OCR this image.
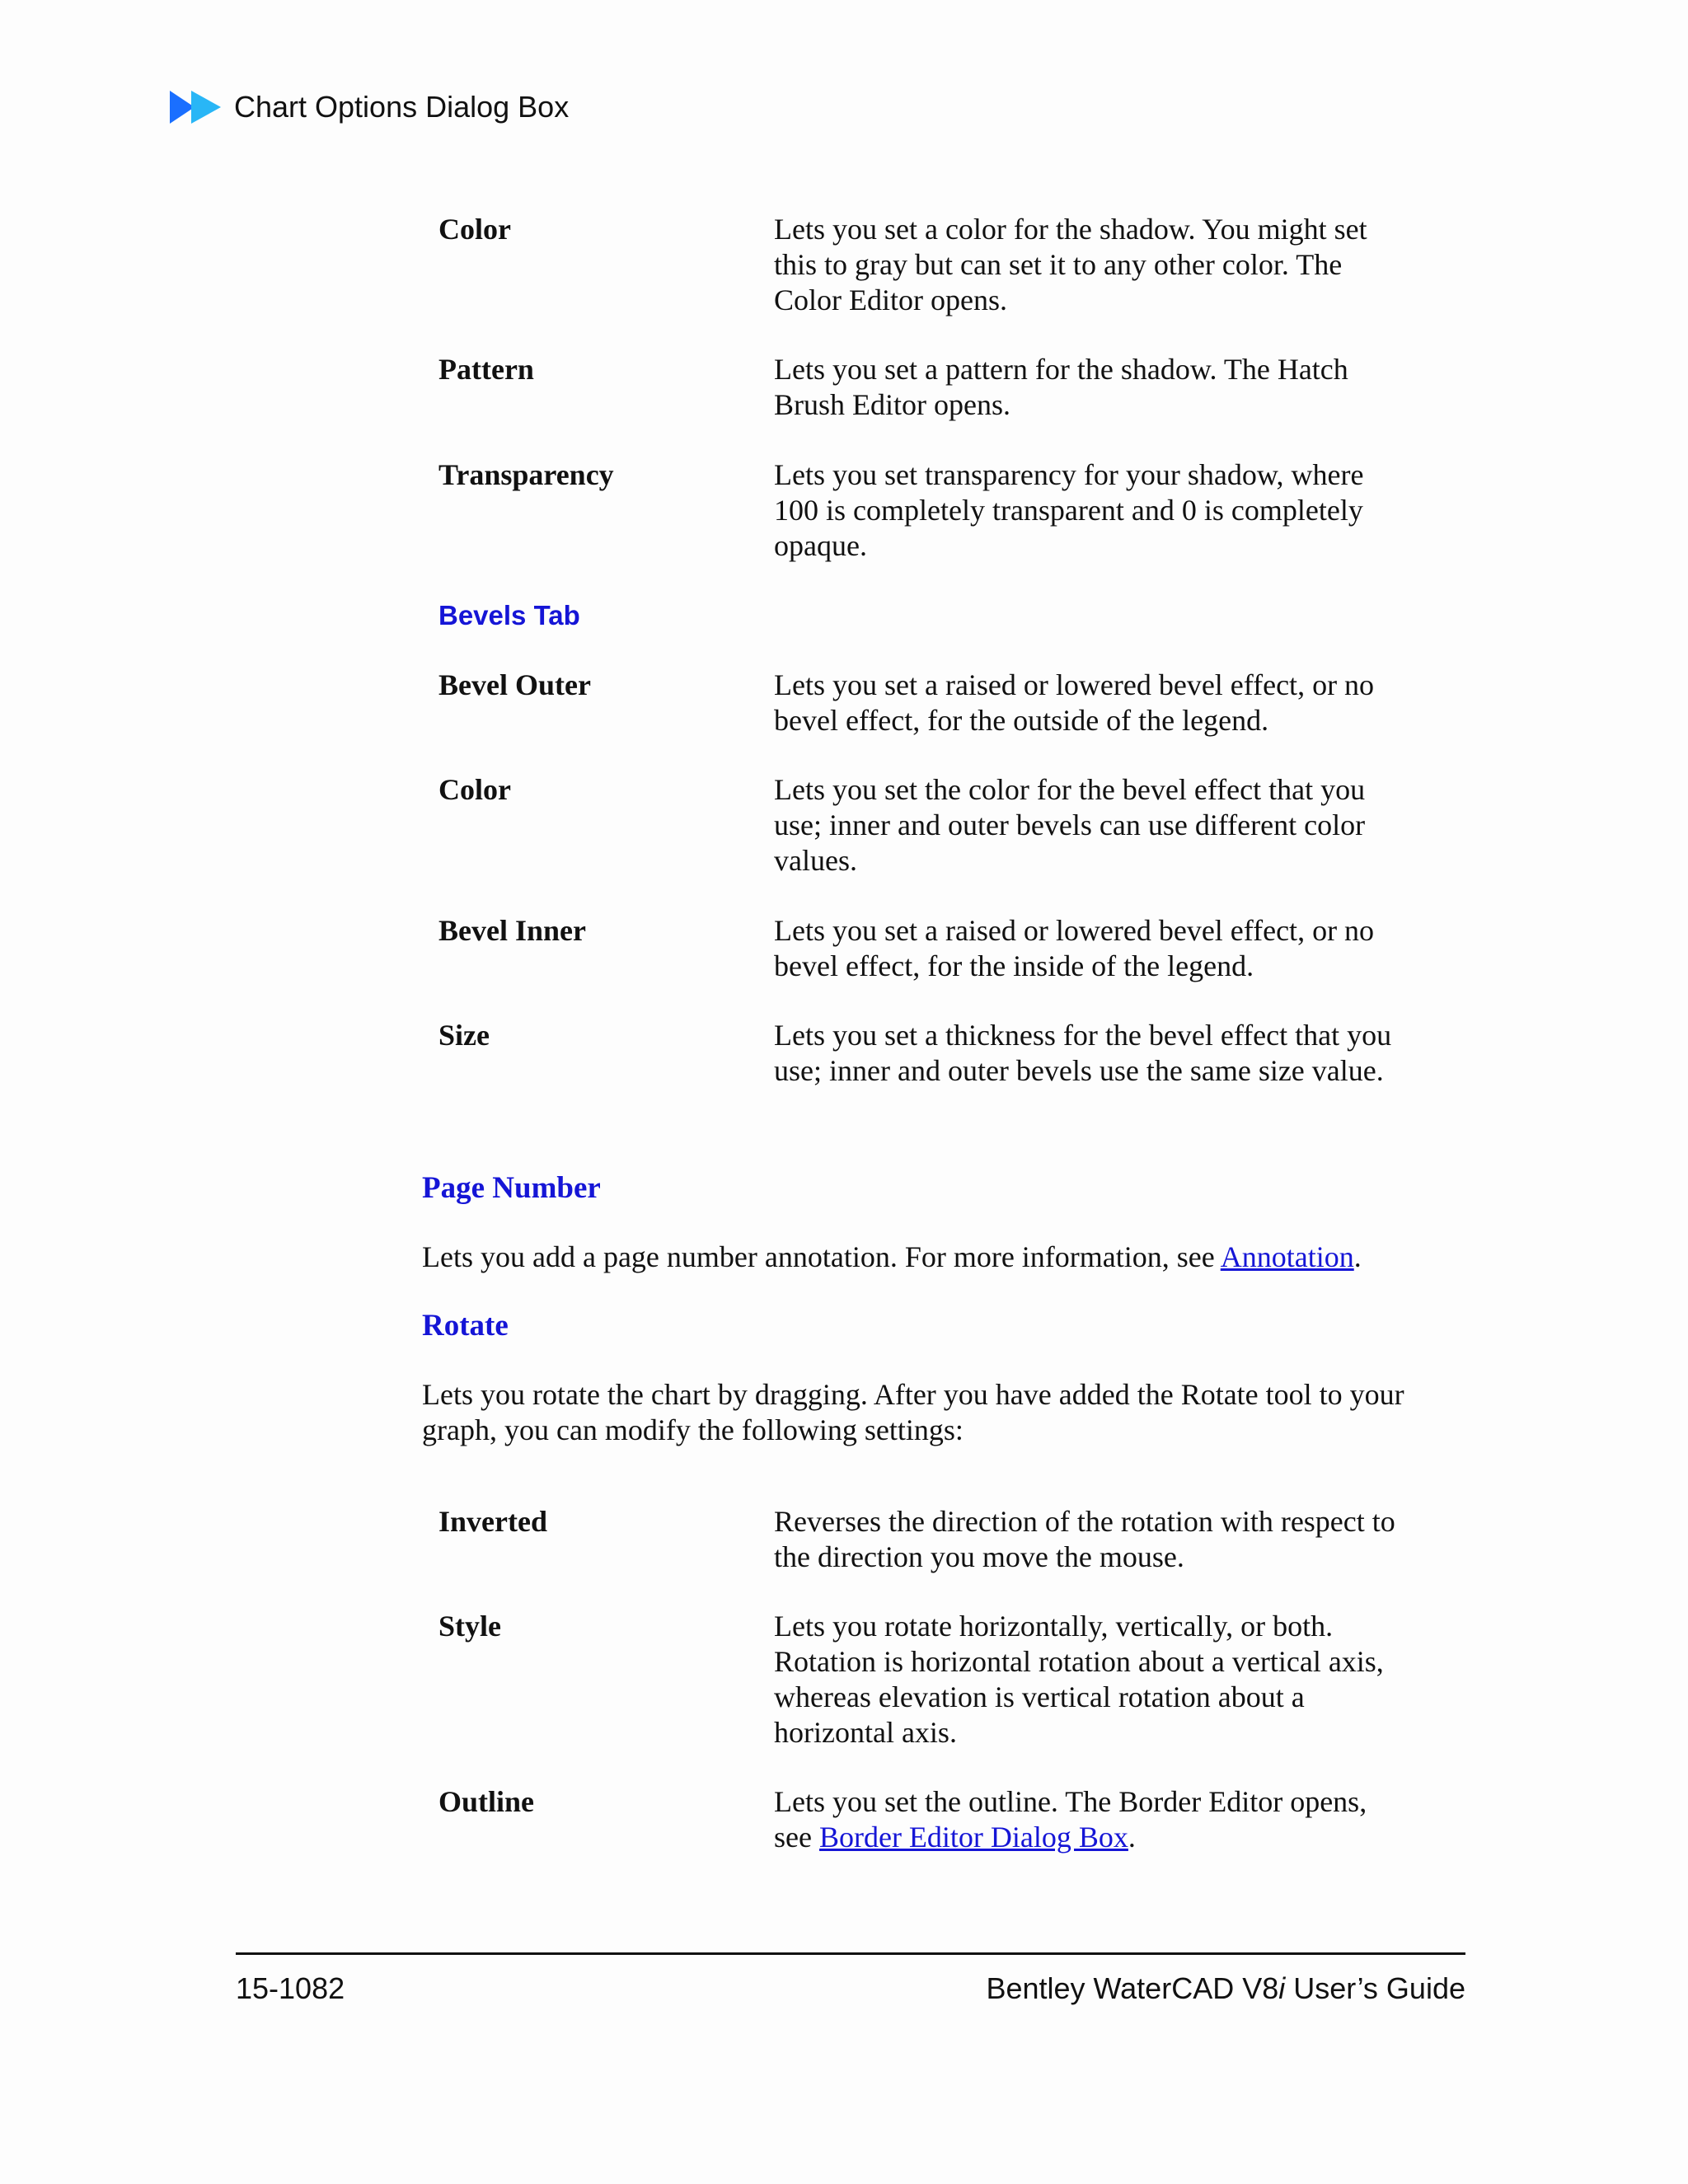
Chart Options Dialog Box
Color	Lets you set a color for the shadow. You might set this to gray but can set it to any other color. The Color Editor opens.
Pattern	Lets you set a pattern for the shadow. The Hatch Brush Editor opens.
Transparency	Lets you set transparency for your shadow, where 100 is completely transparent and 0 is completely opaque.
Bevels Tab
Bevel Outer	Lets you set a raised or lowered bevel effect, or no bevel effect, for the outside of the legend.
Color	Lets you set the color for the bevel effect that you use; inner and outer bevels can use different color values.
Bevel Inner	Lets you set a raised or lowered bevel effect, or no bevel effect, for the inside of the legend.
Size	Lets you set a thickness for the bevel effect that you use; inner and outer bevels use the same size value.
Page Number
Lets you add a page number annotation. For more information, see Annotation.
Rotate
Lets you rotate the chart by dragging. After you have added the Rotate tool to your graph, you can modify the following settings:
Inverted	Reverses the direction of the rotation with respect to the direction you move the mouse.
Style	Lets you rotate horizontally, vertically, or both. Rotation is horizontal rotation about a vertical axis, whereas elevation is vertical rotation about a horizontal axis.
Outline	Lets you set the outline. The Border Editor opens, see Border Editor Dialog Box.
15-1082	Bentley WaterCAD V8i User’s Guide
